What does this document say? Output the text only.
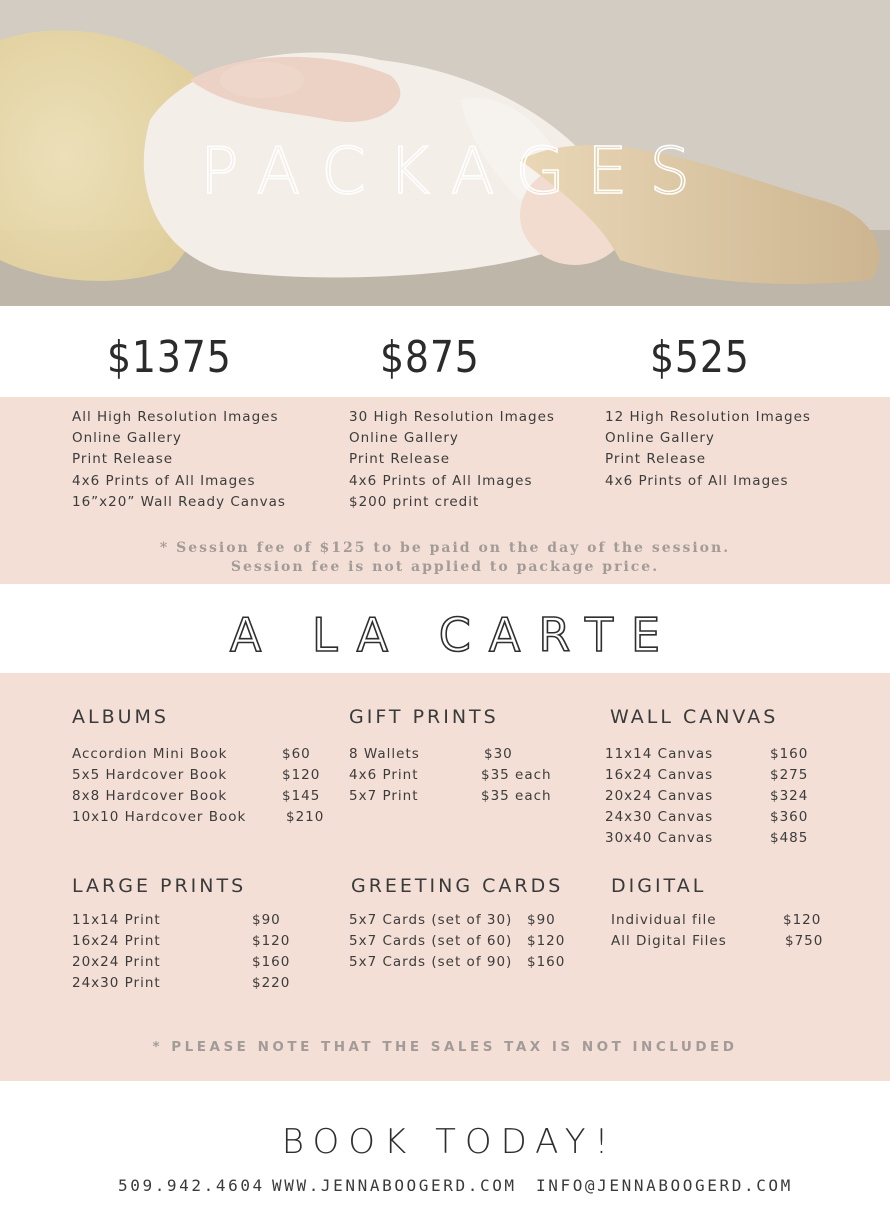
PACKAGES
$1375	$875	$525
All High Resolution Images
Online Gallery
Print Release
4x6 Prints of All Images
16”x20” Wall Ready Canvas
30 High Resolution Images
Online Gallery
Print Release
4x6 Prints of All Images
$200 print credit
12 High Resolution Images
Online Gallery
Print Release
4x6 Prints of All Images
* Session fee of $125 to be paid on the day of the session.
Session fee is not applied to package price.
A LA CARTE
ALBUMS
Accordion Mini Book	$60
5x5 Hardcover Book	$120
8x8 Hardcover Book	$145
10x10 Hardcover Book	$210
GIFT PRINTS
8 Wallets	$30
4x6 Print	$35 each
5x7 Print	$35 each
WALL CANVAS
11x14 Canvas	$160
16x24 Canvas	$275
20x24 Canvas	$324
24x30 Canvas	$360
30x40 Canvas	$485
LARGE PRINTS
11x14 Print	$90
16x24 Print	$120
20x24 Print	$160
24x30 Print	$220
GREETING CARDS
5x7 Cards (set of 30) $90
5x7 Cards (set of 60) $120
5x7 Cards (set of 90) $160
DIGITAL
Individual file	$120
All Digital Files	$750
* PLEASE NOTE THAT THE SALES TAX IS NOT INCLUDED
BOOK TODAY!
509.942.4604 WWW.JENNABOOGERD.COM INFO@JENNABOOGERD.COM
